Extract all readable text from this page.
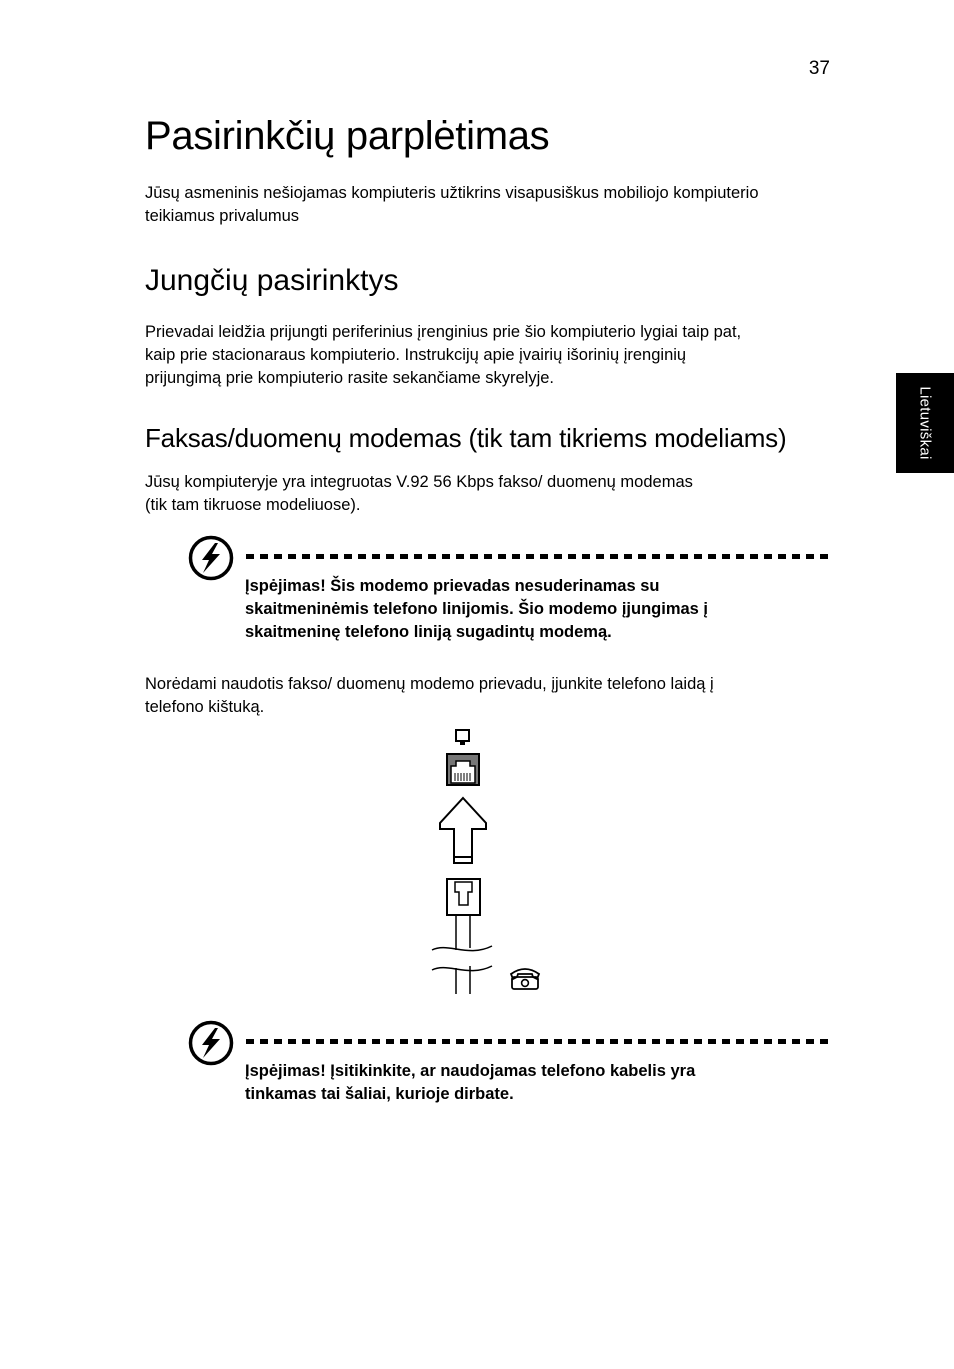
37
Lietuviškai
Pasirinkčių parplėtimas
Jūsų asmeninis nešiojamas kompiuteris užtikrins visapusiškus mobiliojo kompiuterio
teikiamus privalumus
Jungčių pasirinktys
Prievadai leidžia prijungti periferinius įrenginius prie šio kompiuterio lygiai taip pat,
kaip prie stacionaraus kompiuterio. Instrukcijų apie įvairių išorinių įrenginių
prijungimą prie kompiuterio rasite sekančiame skyrelyje.
Faksas/duomenų modemas (tik tam tikriems modeliams)
Jūsų kompiuteryje yra integruotas V.92 56 Kbps fakso/ duomenų modemas
(tik tam tikruose modeliuose).
Įspėjimas! Šis modemo prievadas nesuderinamas su
skaitmeninėmis telefono linijomis. Šio modemo įjungimas į
skaitmeninę telefono liniją sugadintų modemą.
Norėdami naudotis fakso/ duomenų modemo prievadu, įjunkite telefono laidą į
telefono kištuką.
Įspėjimas! Įsitikinkite, ar naudojamas telefono kabelis yra
tinkamas tai šaliai, kurioje dirbate.
